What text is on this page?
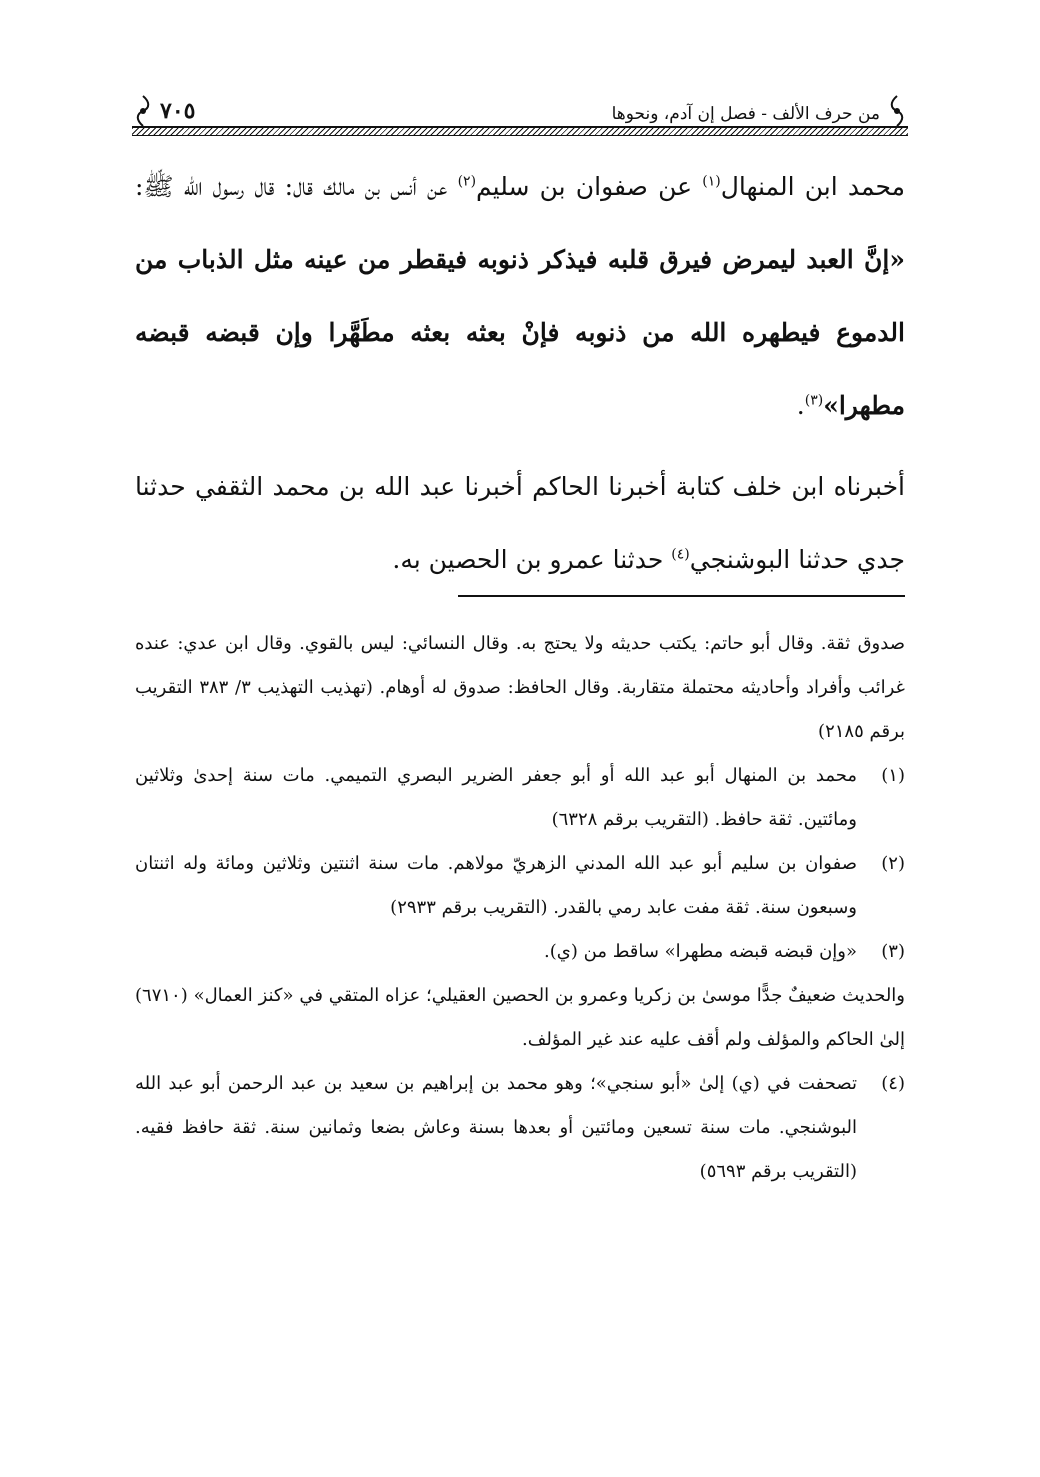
من حرف الألف - فصل إن آدم، ونحوها
٧٠٥
محمد ابن المنهال$^{(١)}$ عن صفوان بن سليم$^{(٢)}$ عن أنس بن مالك قال: قال رسول الله ﷺ: «إنَّ العبد ليمرض فيرق قلبه فيذكر ذنوبه فيقطر من عينه مثل الذباب من الدموع فيطهره الله من ذنوبه فإنْ بعثه بعثه مطَهَّرا وإن قبضه قبضه مطهرا»$^{(٣)}$.
أخبرناه ابن خلف كتابة أخبرنا الحاكم أخبرنا عبد الله بن محمد الثقفي حدثنا جدي حدثنا البوشنجي$^{(٤)}$ حدثنا عمرو بن الحصين به.
صدوق ثقة. وقال أبو حاتم: يكتب حديثه ولا يحتج به. وقال النسائي: ليس بالقوي. وقال ابن عدي: عنده غرائب وأفراد وأحاديثه محتملة متقاربة. وقال الحافظ: صدوق له أوهام. (تهذيب التهذيب ٣/ ٣٨٣ التقريب برقم ٢١٨٥)
(١)
محمد بن المنهال أبو عبد الله أو أبو جعفر الضرير البصري التميمي. مات سنة إحدىٰ وثلاثين ومائتين. ثقة حافظ. (التقريب برقم ٦٣٢٨)
(٢)
صفوان بن سليم أبو عبد الله المدني الزهريّ مولاهم. مات سنة اثنتين وثلاثين ومائة وله اثنتان وسبعون سنة. ثقة مفت عابد رمي بالقدر. (التقريب برقم ٢٩٣٣)
(٣)
«وإن قبضه قبضه مطهرا» ساقط من (ي).
والحديث ضعيفٌ جدًّا موسىٰ بن زكريا وعمرو بن الحصين العقيلي؛ عزاه المتقي في «كنز العمال» (٦٧١٠) إلىٰ الحاكم والمؤلف ولم أقف عليه عند غير المؤلف.
(٤)
تصحفت في (ي) إلىٰ «أبو سنجي»؛ وهو محمد بن إبراهيم بن سعيد بن عبد الرحمن أبو عبد الله البوشنجي. مات سنة تسعين ومائتين أو بعدها بسنة وعاش بضعا وثمانين سنة. ثقة حافظ فقيه. (التقريب برقم ٥٦٩٣)
